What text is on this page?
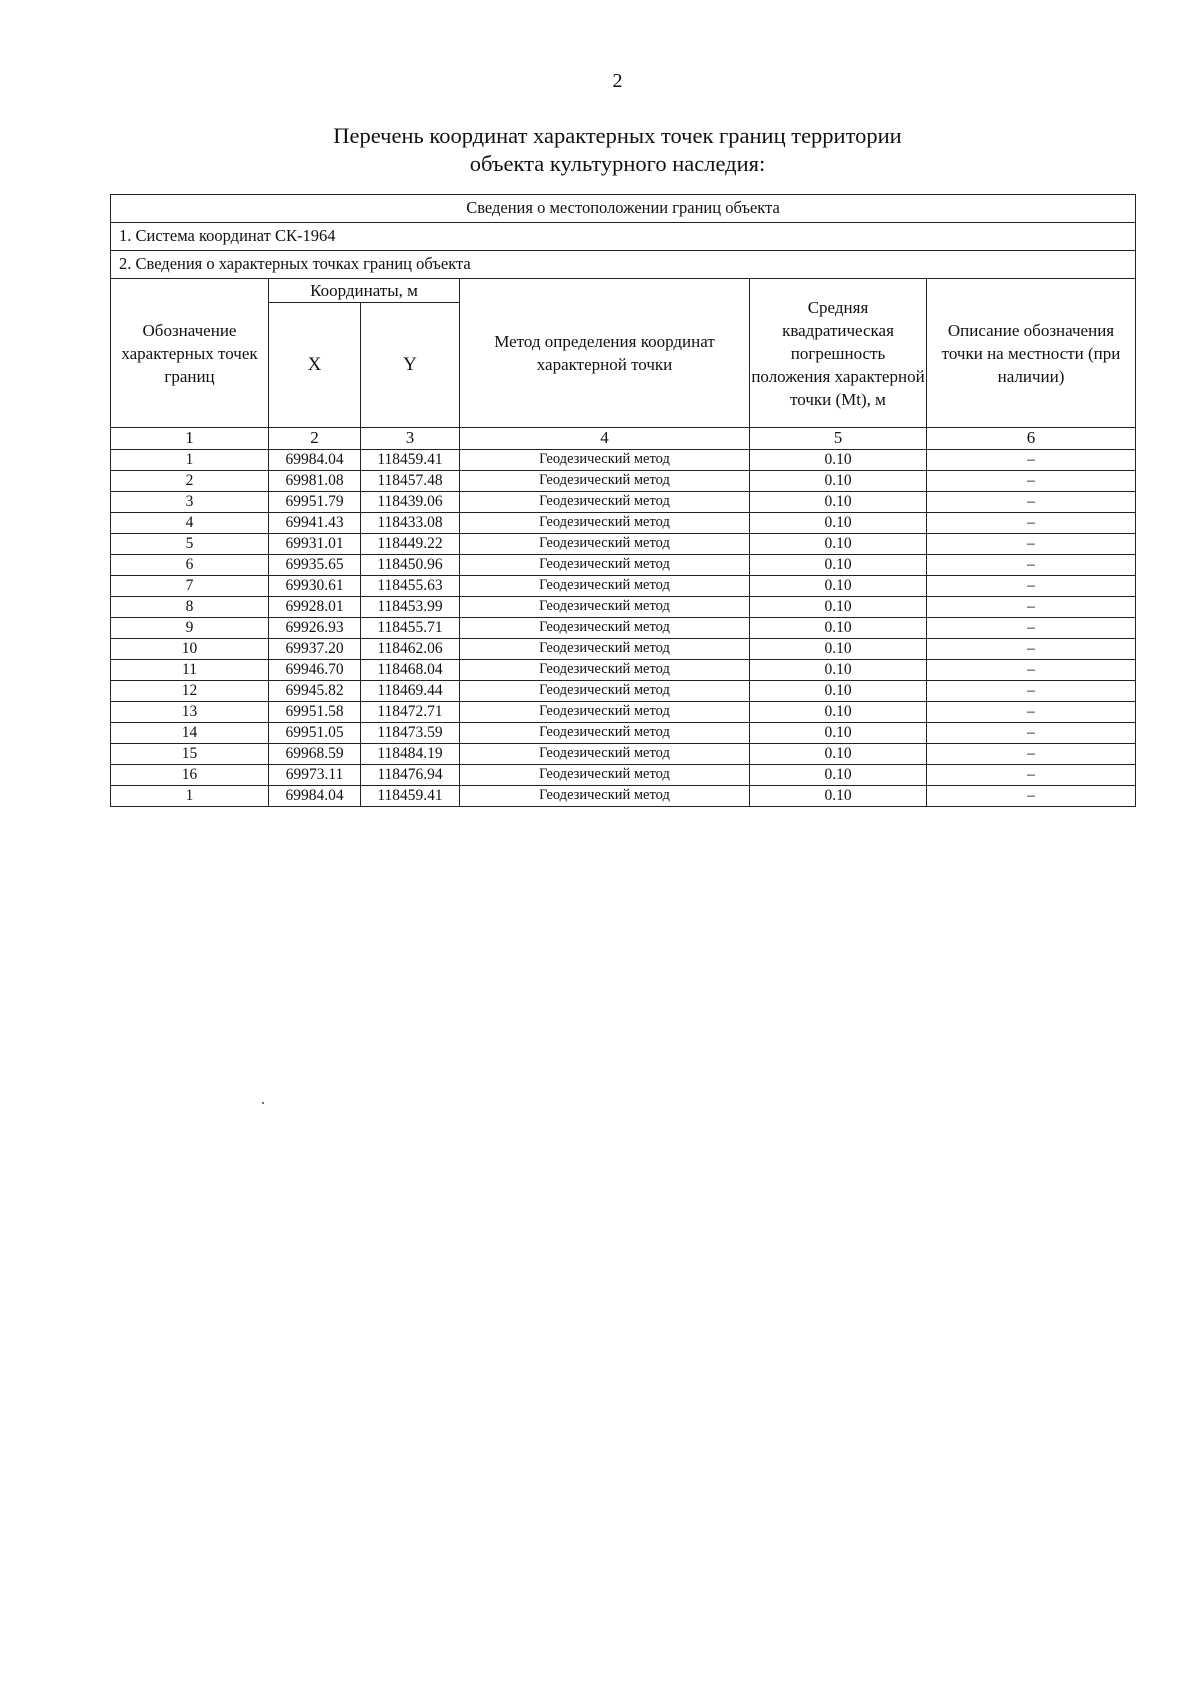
2
Перечень координат характерных точек границ территории
объекта культурного наследия:
Сведения о местоположении границ объекта					
1. Система координат СК-1964					
2. Сведения о характерных точках границ объекта					
Обозначение характерных точек границ	Координаты, м		Метод определения координат характерной точки	Средняя квадратическая погрешность положения характерной точки (Mt), м	Описание обозначения точки на местности (при наличии)
	X	Y			
1	2	3	4	5	6
1	69984.04	118459.41	Геодезический метод	0.10	–
2	69981.08	118457.48	Геодезический метод	0.10	–
3	69951.79	118439.06	Геодезический метод	0.10	–
4	69941.43	118433.08	Геодезический метод	0.10	–
5	69931.01	118449.22	Геодезический метод	0.10	–
6	69935.65	118450.96	Геодезический метод	0.10	–
7	69930.61	118455.63	Геодезический метод	0.10	–
8	69928.01	118453.99	Геодезический метод	0.10	–
9	69926.93	118455.71	Геодезический метод	0.10	–
10	69937.20	118462.06	Геодезический метод	0.10	–
11	69946.70	118468.04	Геодезический метод	0.10	–
12	69945.82	118469.44	Геодезический метод	0.10	–
13	69951.58	118472.71	Геодезический метод	0.10	–
14	69951.05	118473.59	Геодезический метод	0.10	–
15	69968.59	118484.19	Геодезический метод	0.10	–
16	69973.11	118476.94	Геодезический метод	0.10	–
1	69984.04	118459.41	Геодезический метод	0.10	–
